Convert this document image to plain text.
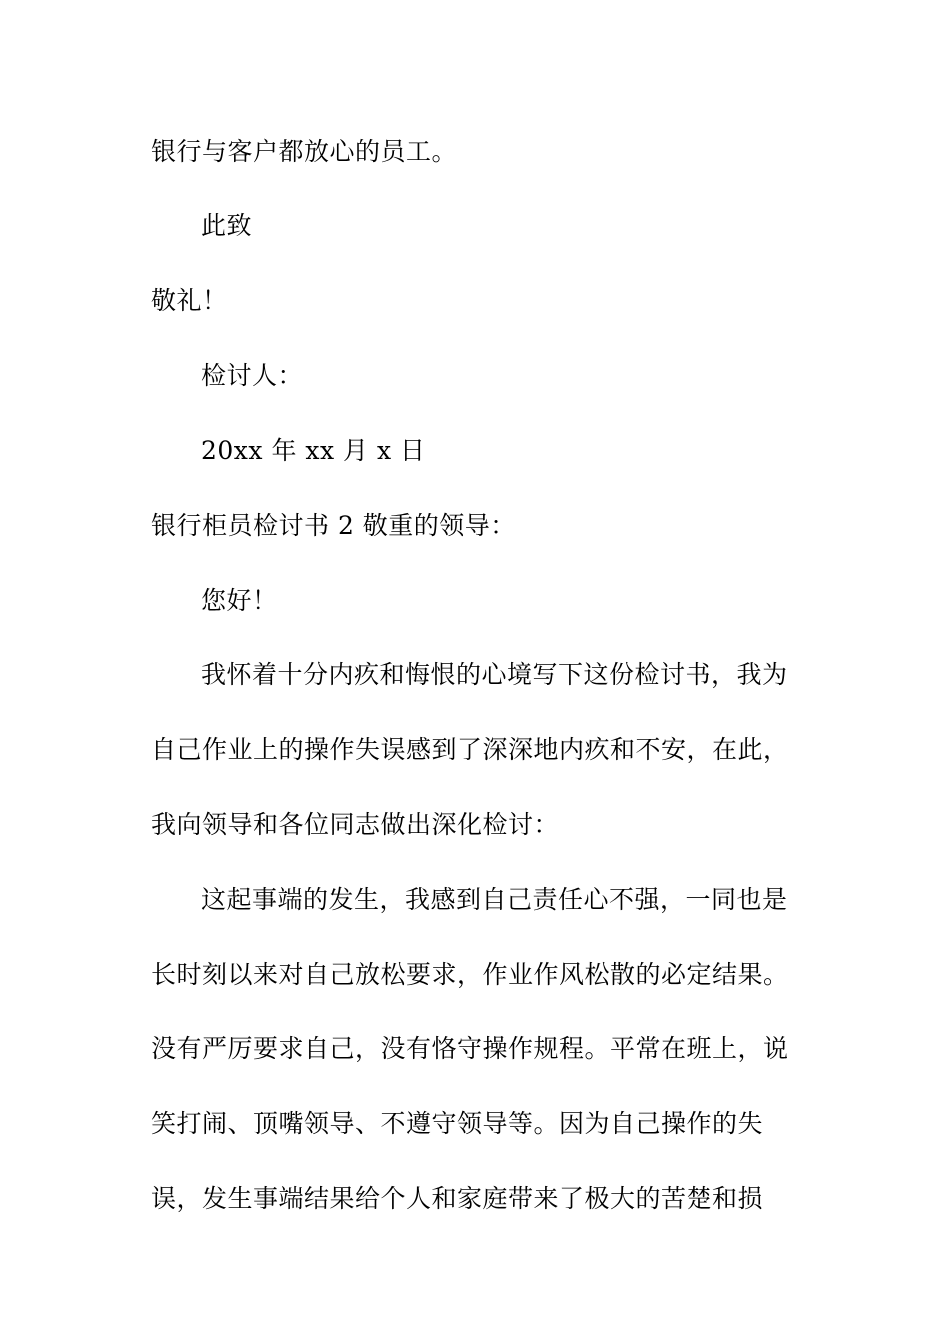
银行与客户都放心的员工。
此致
敬礼！
检讨人：
20xx 年 xx 月 x 日
银行柜员检讨书 2 敬重的领导：
您好！
我怀着十分内疚和悔恨的心境写下这份检讨书，我为
自己作业上的操作失误感到了深深地内疚和不安，在此，
我向领导和各位同志做出深化检讨：
这起事端的发生，我感到自己责任心不强，一同也是
长时刻以来对自己放松要求，作业作风松散的必定结果。
没有严厉要求自己，没有恪守操作规程。平常在班上，说
笑打闹、顶嘴领导、不遵守领导等。因为自己操作的失
误，发生事端结果给个人和家庭带来了极大的苦楚和损
